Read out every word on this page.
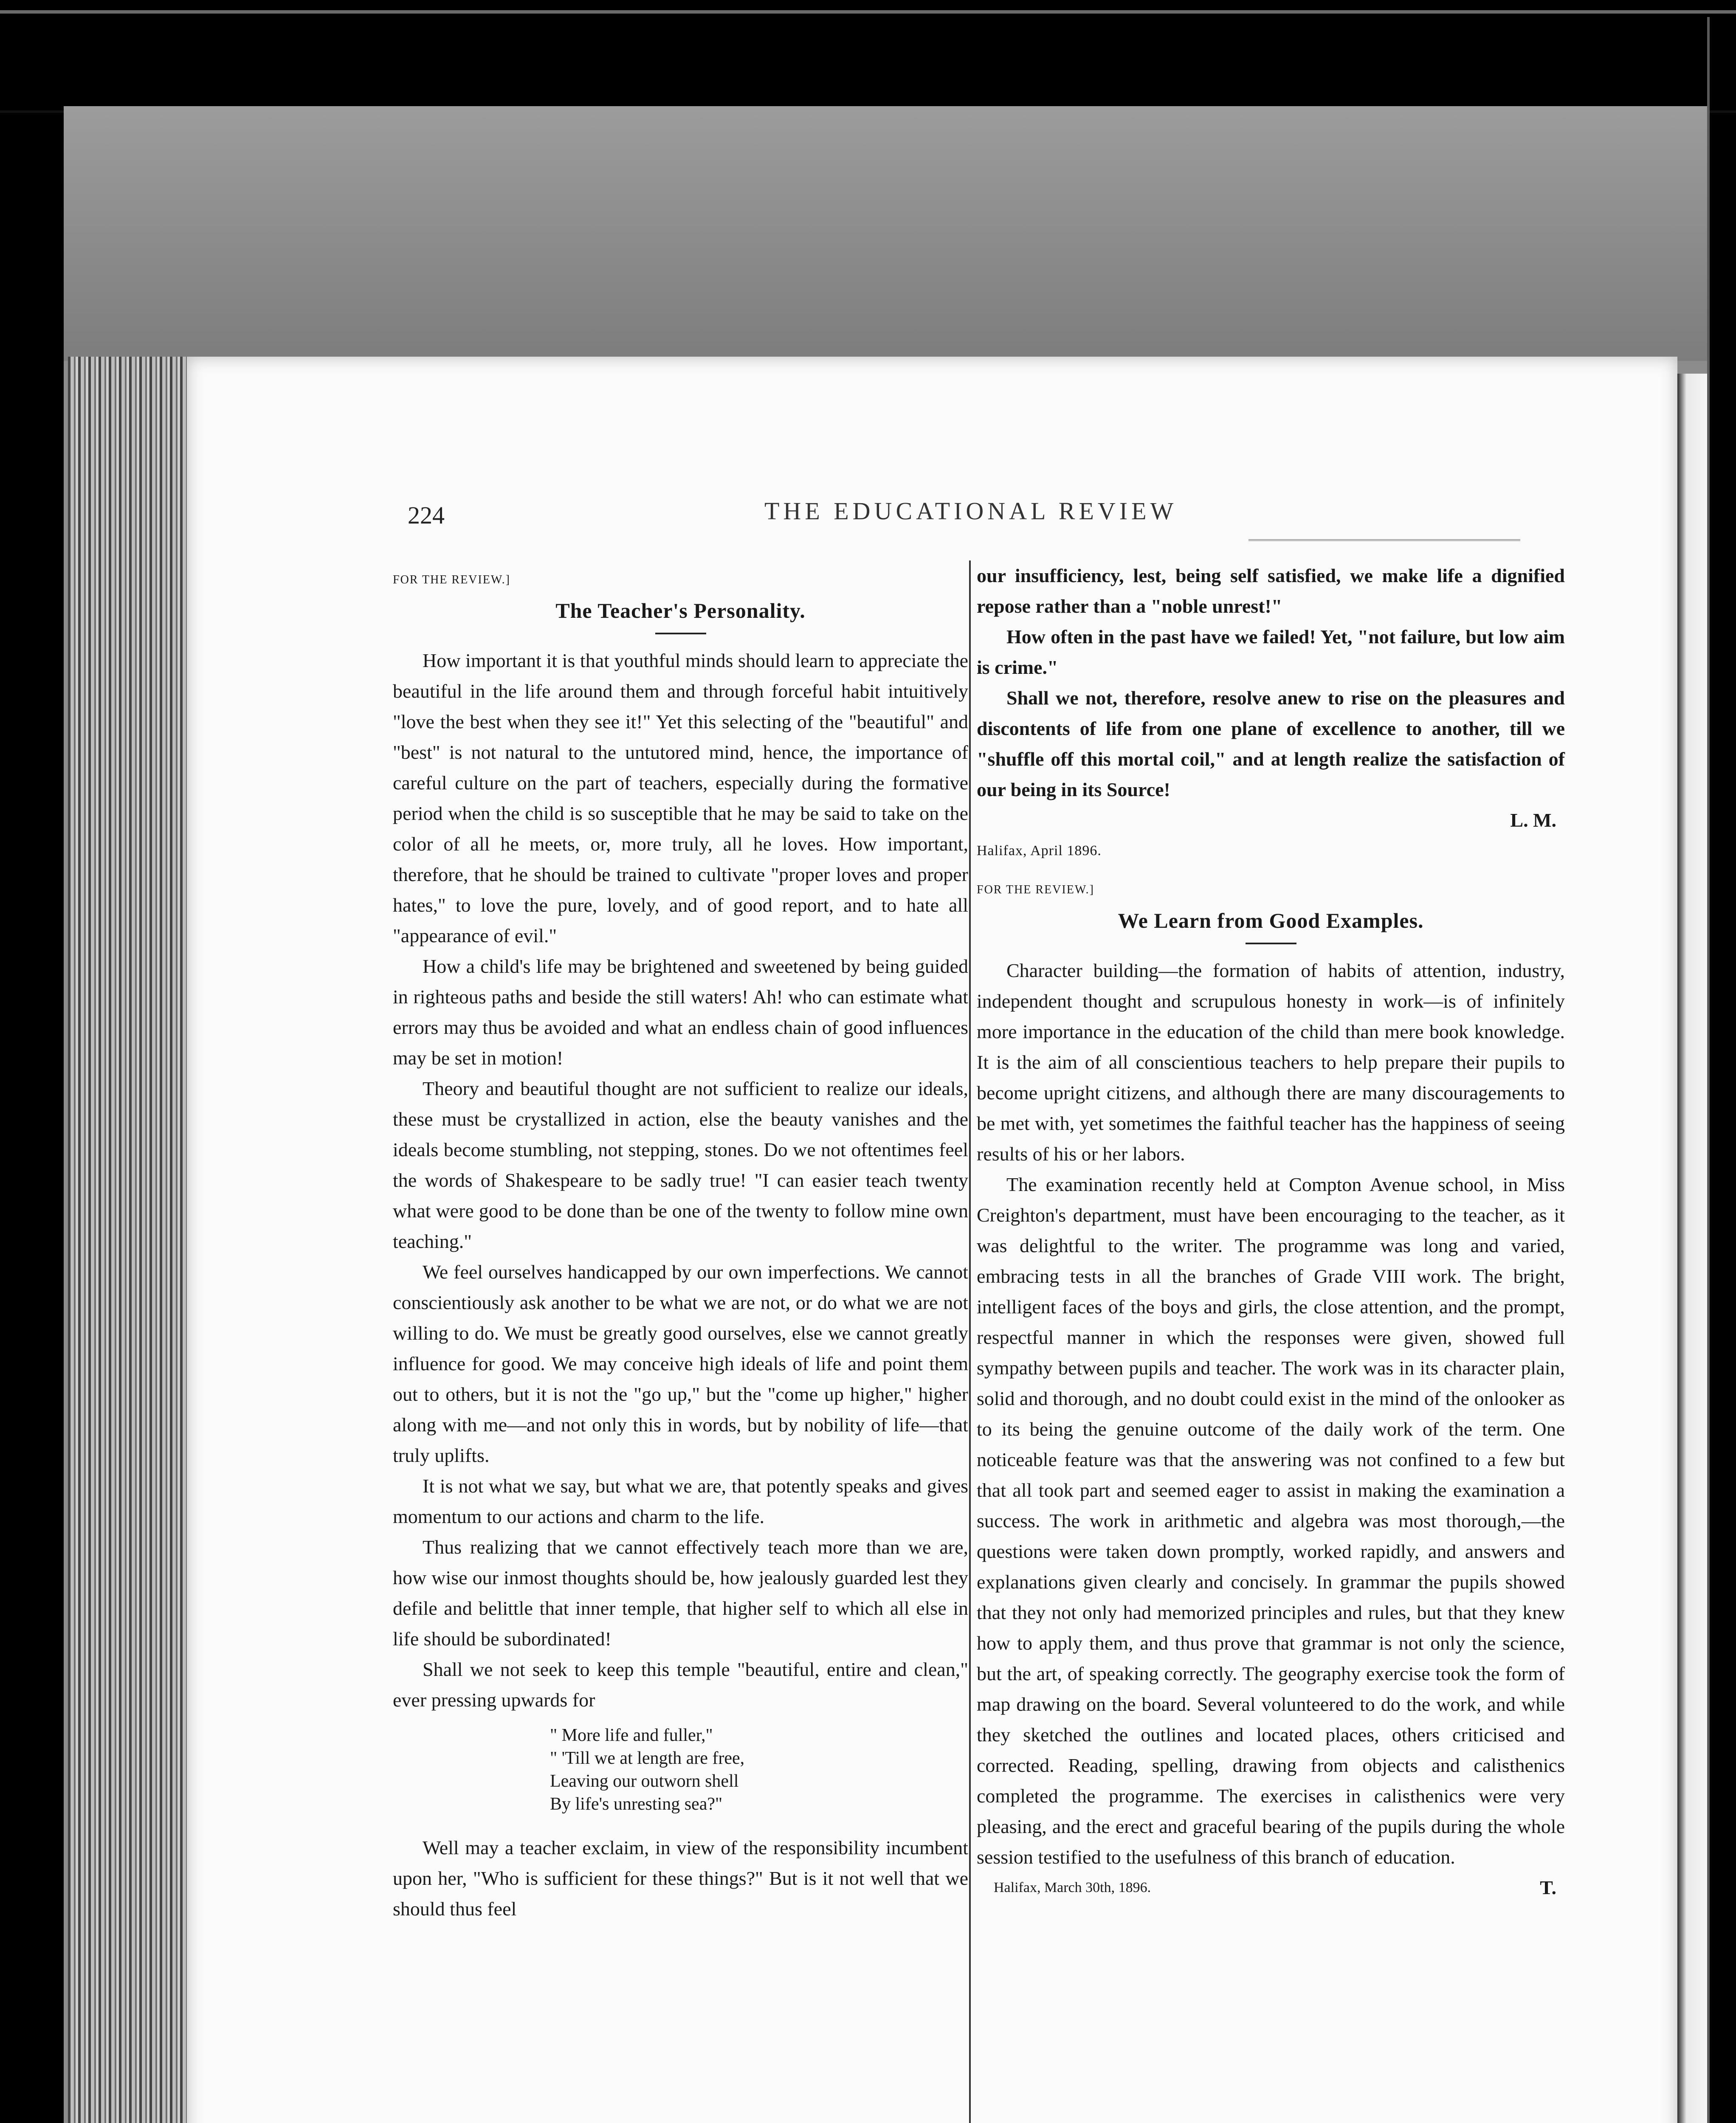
224	THE EDUCATIONAL REVIEW

FOR THE REVIEW.]

The Teacher's Personality.

How important it is that youthful minds should learn to appreciate the beautiful in the life around them and through forceful habit intuitively "love the best when they see it!" Yet this selecting of the "beautiful" and "best" is not natural to the untutored mind, hence, the importance of careful culture on the part of teachers, especially during the formative period when the child is so susceptible that he may be said to take on the color of all he meets, or, more truly, all he loves. How important, therefore, that he should be trained to cultivate "proper loves and proper hates," to love the pure, lovely, and of good report, and to hate all "appearance of evil."

How a child's life may be brightened and sweetened by being guided in righteous paths and beside the still waters! Ah! who can estimate what errors may thus be avoided and what an endless chain of good influences may be set in motion!

Theory and beautiful thought are not sufficient to realize our ideals, these must be crystallized in action, else the beauty vanishes and the ideals become stumbling, not stepping, stones. Do we not oftentimes feel the words of Shakespeare to be sadly true! "I can easier teach twenty what were good to be done than be one of the twenty to follow mine own teaching."

We feel ourselves handicapped by our own imperfections. We cannot conscientiously ask another to be what we are not, or do what we are not willing to do. We must be greatly good ourselves, else we cannot greatly influence for good. We may conceive high ideals of life and point them out to others, but it is not the "go up," but the "come up higher," higher along with me—and not only this in words, but by nobility of life—that truly uplifts.

It is not what we say, but what we are, that potently speaks and gives momentum to our actions and charm to the life.

Thus realizing that we cannot effectively teach more than we are, how wise our inmost thoughts should be, how jealously guarded lest they defile and belittle that inner temple, that higher self to which all else in life should be subordinated!

Shall we not seek to keep this temple "beautiful, entire and clean," ever pressing upwards for

" More life and fuller,"
" 'Till we at length are free,
Leaving our outworn shell
By life's unresting sea?"

Well may a teacher exclaim, in view of the responsibility incumbent upon her, "Who is sufficient for these things?" But is it not well that we should thus feel

our insufficiency, lest, being self satisfied, we make life a dignified repose rather than a "noble unrest!"

How often in the past have we failed! Yet, "not failure, but low aim is crime."

Shall we not, therefore, resolve anew to rise on the pleasures and discontents of life from one plane of excellence to another, till we "shuffle off this mortal coil," and at length realize the satisfaction of our being in its Source!

L. M.

Halifax, April 1896.

FOR THE REVIEW.]

We Learn from Good Examples.

Character building—the formation of habits of attention, industry, independent thought and scrupulous honesty in work—is of infinitely more importance in the education of the child than mere book knowledge. It is the aim of all conscientious teachers to help prepare their pupils to become upright citizens, and although there are many discouragements to be met with, yet sometimes the faithful teacher has the happiness of seeing results of his or her labors.

The examination recently held at Compton Avenue school, in Miss Creighton's department, must have been encouraging to the teacher, as it was delightful to the writer. The programme was long and varied, embracing tests in all the branches of Grade VIII work. The bright, intelligent faces of the boys and girls, the close attention, and the prompt, respectful manner in which the responses were given, showed full sympathy between pupils and teacher. The work was in its character plain, solid and thorough, and no doubt could exist in the mind of the onlooker as to its being the genuine outcome of the daily work of the term. One noticeable feature was that the answering was not confined to a few but that all took part and seemed eager to assist in making the examination a success. The work in arithmetic and algebra was most thorough,—the questions were taken down promptly, worked rapidly, and answers and explanations given clearly and concisely. In grammar the pupils showed that they not only had memorized principles and rules, but that they knew how to apply them, and thus prove that grammar is not only the science, but the art, of speaking correctly. The geography exercise took the form of map drawing on the board. Several volunteered to do the work, and while they sketched the outlines and located places, others criticised and corrected. Reading, spelling, drawing from objects and calisthenics completed the programme. The exercises in calisthenics were very pleasing, and the erect and graceful bearing of the pupils during the whole session testified to the usefulness of this branch of education.

Halifax, March 30th, 1896.	T.
